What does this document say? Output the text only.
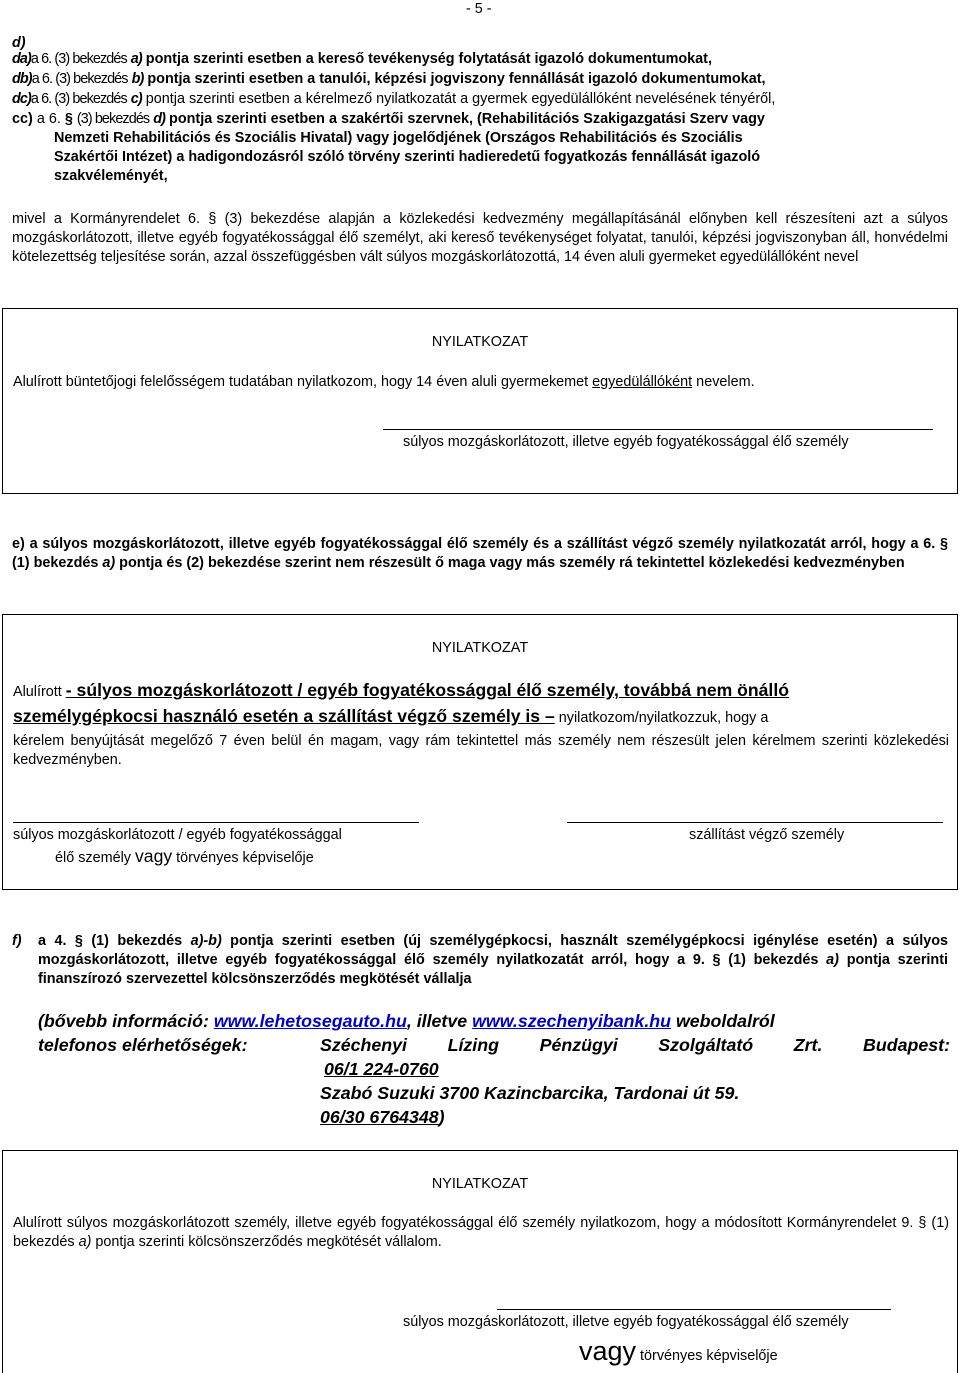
- 5 -
d)
da)a 6. (3) bekezdés a) pontja szerinti esetben a kereső tevékenység folytatását igazoló dokumentumokat,
db)a 6. (3) bekezdés b) pontja szerinti esetben a tanulói, képzési jogviszony fennállását igazoló dokumentumokat,
dc)a 6. (3) bekezdés c) pontja szerinti esetben a kérelmező nyilatkozatát a gyermek egyedülállóként nevelésének tényéről,
cc) a 6. § (3) bekezdés d) pontja szerinti esetben a szakértői szervnek, (Rehabilitációs Szakigazgatási Szerv vagy
Nemzeti Rehabilitációs és Szociális Hivatal) vagy jogelődjének (Országos Rehabilitációs és Szociális
Szakértői Intézet) a hadigondozásról szóló törvény szerinti hadieredetű fogyatkozás fennállását igazoló
szakvéleményét,
mivel a Kormányrendelet 6. § (3) bekezdése alapján a közlekedési kedvezmény megállapításánál előnyben kell részesíteni azt a súlyos mozgáskorlátozott, illetve egyéb fogyatékossággal élő személyt, aki kereső tevékenységet folyatat, tanulói, képzési jogviszonyban áll, honvédelmi kötelezettség teljesítése során, azzal összefüggésben vált súlyos mozgáskorlátozottá, 14 éven aluli gyermeket egyedülállóként nevel
NYILATKOZAT
Alulírott büntetőjogi felelősségem tudatában nyilatkozom, hogy 14 éven aluli gyermekemet egyedülállóként nevelem.
súlyos mozgáskorlátozott, illetve egyéb fogyatékossággal élő személy
e) a súlyos mozgáskorlátozott, illetve egyéb fogyatékossággal élő személy és a szállítást végző személy nyilatkozatát arról, hogy a 6. § (1) bekezdés a) pontja és (2) bekezdése szerint nem részesült ő maga vagy más személy rá tekintettel közlekedési kedvezményben
NYILATKOZAT
Alulírott - súlyos mozgáskorlátozott / egyéb fogyatékossággal élő személy, továbbá nem önálló
személygépkocsi használó esetén a szállítást végző személy is – nyilatkozom/nyilatkozzuk, hogy a
kérelem benyújtását megelőző 7 éven belül én magam, vagy rám tekintettel más személy nem részesült jelen kérelmem szerinti közlekedési kedvezményben.
súlyos mozgáskorlátozott / egyéb fogyatékossággal
élő személy vagy törvényes képviselője
szállítást végző személy
f)	a 4. § (1) bekezdés a)-b) pontja szerinti esetben (új személygépkocsi, használt személygépkocsi igénylése esetén) a súlyos mozgáskorlátozott, illetve egyéb fogyatékossággal élő személy nyilatkozatát arról, hogy a 9. § (1) bekezdés a) pontja szerinti finanszírozó szervezettel kölcsönszerződés megkötését vállalja
(bővebb információ: www.lehetosegauto.hu, illetve www.szechenyibank.hu weboldalról
telefonos elérhetőségek:	Széchenyi Lízing Pénzügyi Szolgáltató Zrt. Budapest:
06/1 224-0760
Szabó Suzuki 3700 Kazincbarcika, Tardonai út 59.
06/30 6764348)
NYILATKOZAT
Alulírott súlyos mozgáskorlátozott személy, illetve egyéb fogyatékossággal élő személy nyilatkozom, hogy a módosított Kormányrendelet 9. § (1) bekezdés a) pontja szerinti kölcsönszerződés megkötését vállalom.
súlyos mozgáskorlátozott, illetve egyéb fogyatékossággal élő személy
vagy törvényes képviselője
